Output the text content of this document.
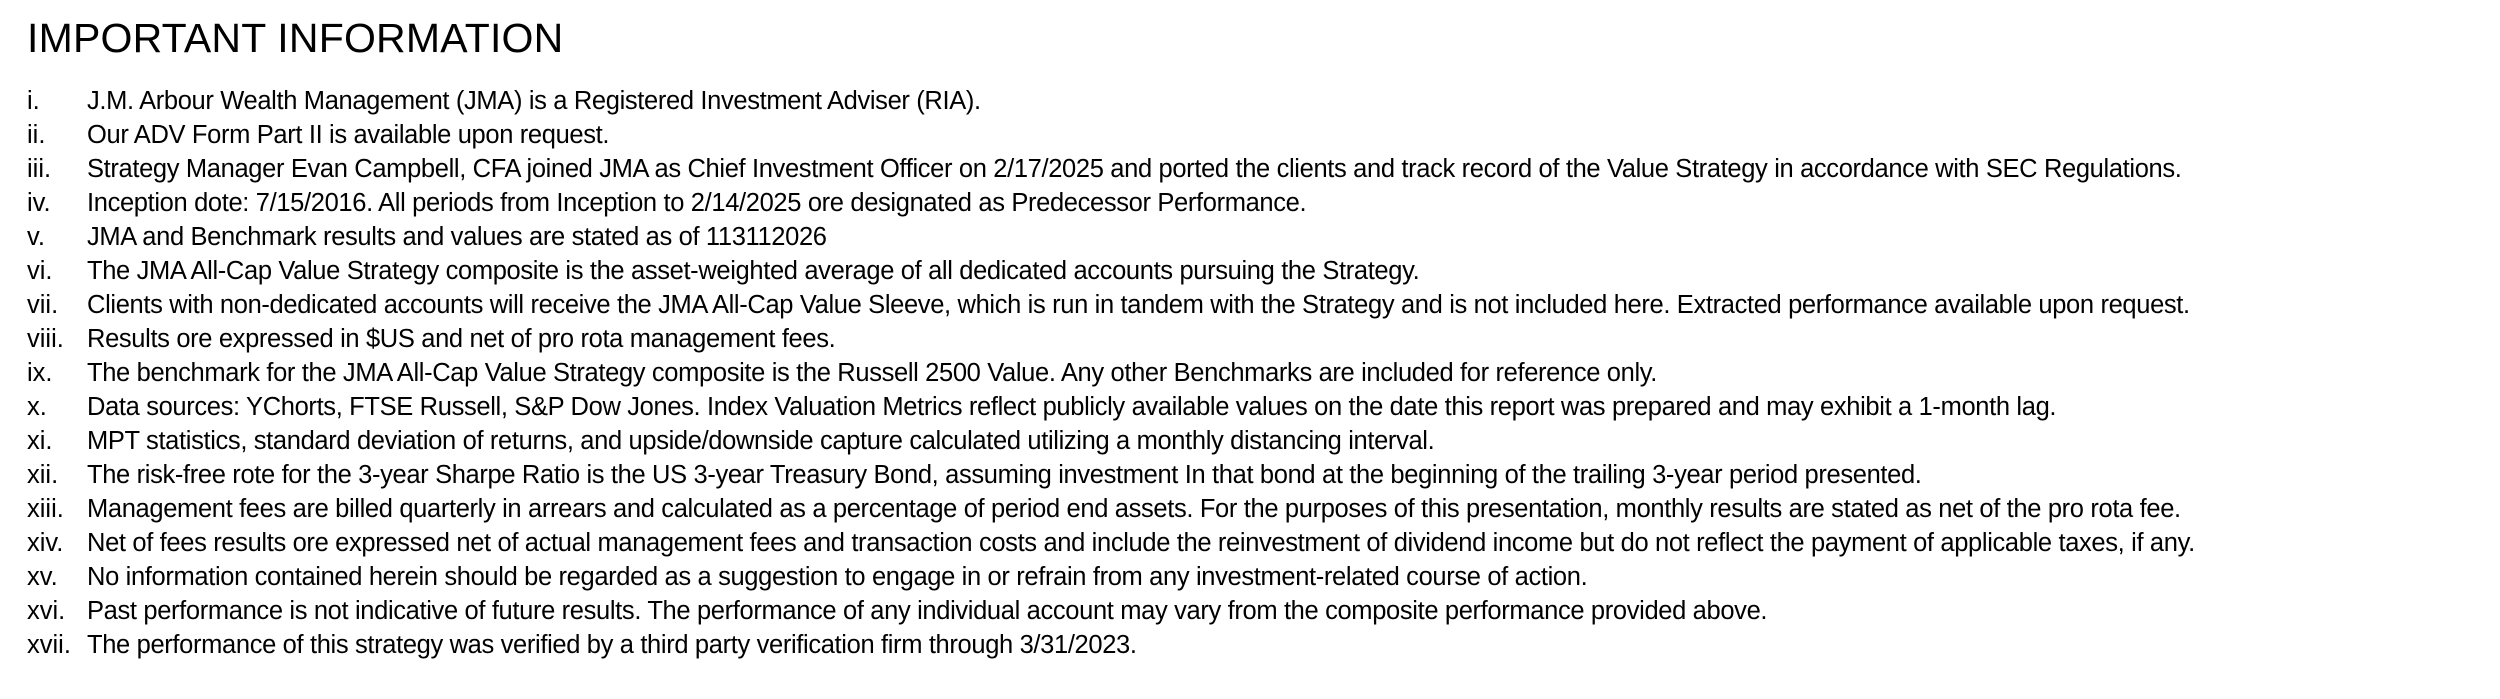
IMPORTANT INFORMATION
i.	J.M. Arbour Wealth Management (JMA) is a Registered Investment Adviser (RIA).
ii.	Our ADV Form Part II is available upon request.
iii.	Strategy Manager Evan Campbell, CFA joined JMA as Chief Investment Officer on 2/17/2025 and ported the clients and track record of the Value Strategy in accordance with SEC Regulations.
iv.	Inception dote: 7/15/2016. All periods from Inception to 2/14/2025 ore designated as Predecessor Performance.
v.	JMA and Benchmark results and values are stated as of 113112026
vi.	The JMA All-Cap Value Strategy composite is the asset-weighted average of all dedicated accounts pursuing the Strategy.
vii.	Clients with non-dedicated accounts will receive the JMA All-Cap Value Sleeve, which is run in tandem with the Strategy and is not included here. Extracted performance available upon request.
viii. Results ore expressed in $US and net of pro rota management fees.
ix.	The benchmark for the JMA All-Cap Value Strategy composite is the Russell 2500 Value. Any other Benchmarks are included for reference only.
x.	Data sources: YChorts, FTSE Russell, S&P Dow Jones. Index Valuation Metrics reflect publicly available values on the date this report was prepared and may exhibit a 1-month lag.
xi.	MPT statistics, standard deviation of returns, and upside/downside capture calculated utilizing a monthly distancing interval.
xii.	The risk-free rote for the 3-year Sharpe Ratio is the US 3-year Treasury Bond, assuming investment In that bond at the beginning of the trailing 3-year period presented.
xiii. Management fees are billed quarterly in arrears and calculated as a percentage of period end assets. For the purposes of this presentation, monthly results are stated as net of the pro rota fee.
xiv. Net of fees results ore expressed net of actual management fees and transaction costs and include the reinvestment of dividend income but do not reflect the payment of applicable taxes, if any.
xv.	No information contained herein should be regarded as a suggestion to engage in or refrain from any investment-related course of action.
xvi. Past performance is not indicative of future results. The performance of any individual account may vary from the composite performance provided above.
xvii. The performance of this strategy was verified by a third party verification firm through 3/31/2023.
